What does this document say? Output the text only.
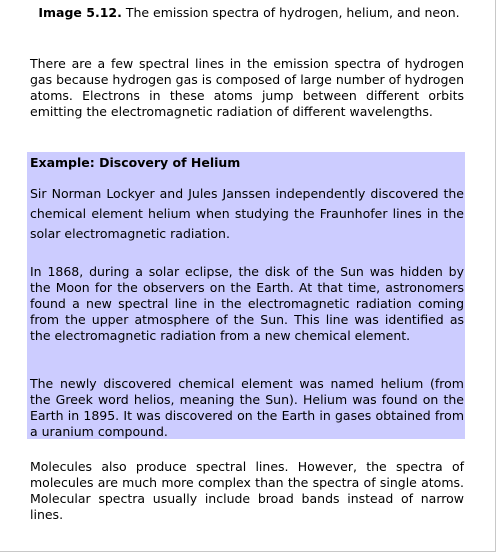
Image 5.12. The emission spectra of hydrogen, helium, and neon.

There are a few spectral lines in the emission spectra of hydrogen gas because hydrogen gas is composed of large number of hydrogen atoms. Electrons in these atoms jump between different orbits emitting the electromagnetic radiation of different wavelengths.

Example: Discovery of Helium

Sir Norman Lockyer and Jules Janssen independently discovered the chemical element helium when studying the Fraunhofer lines in the solar electromagnetic radiation.

In 1868, during a solar eclipse, the disk of the Sun was hidden by the Moon for the observers on the Earth. At that time, astronomers found a new spectral line in the electromagnetic radiation coming from the upper atmosphere of the Sun. This line was identified as the electromagnetic radiation from a new chemical element.

The newly discovered chemical element was named helium (from the Greek word helios, meaning the Sun). Helium was found on the Earth in 1895. It was discovered on the Earth in gases obtained from a uranium compound.

Molecules also produce spectral lines. However, the spectra of molecules are much more complex than the spectra of single atoms. Molecular spectra usually include broad bands instead of narrow lines.
